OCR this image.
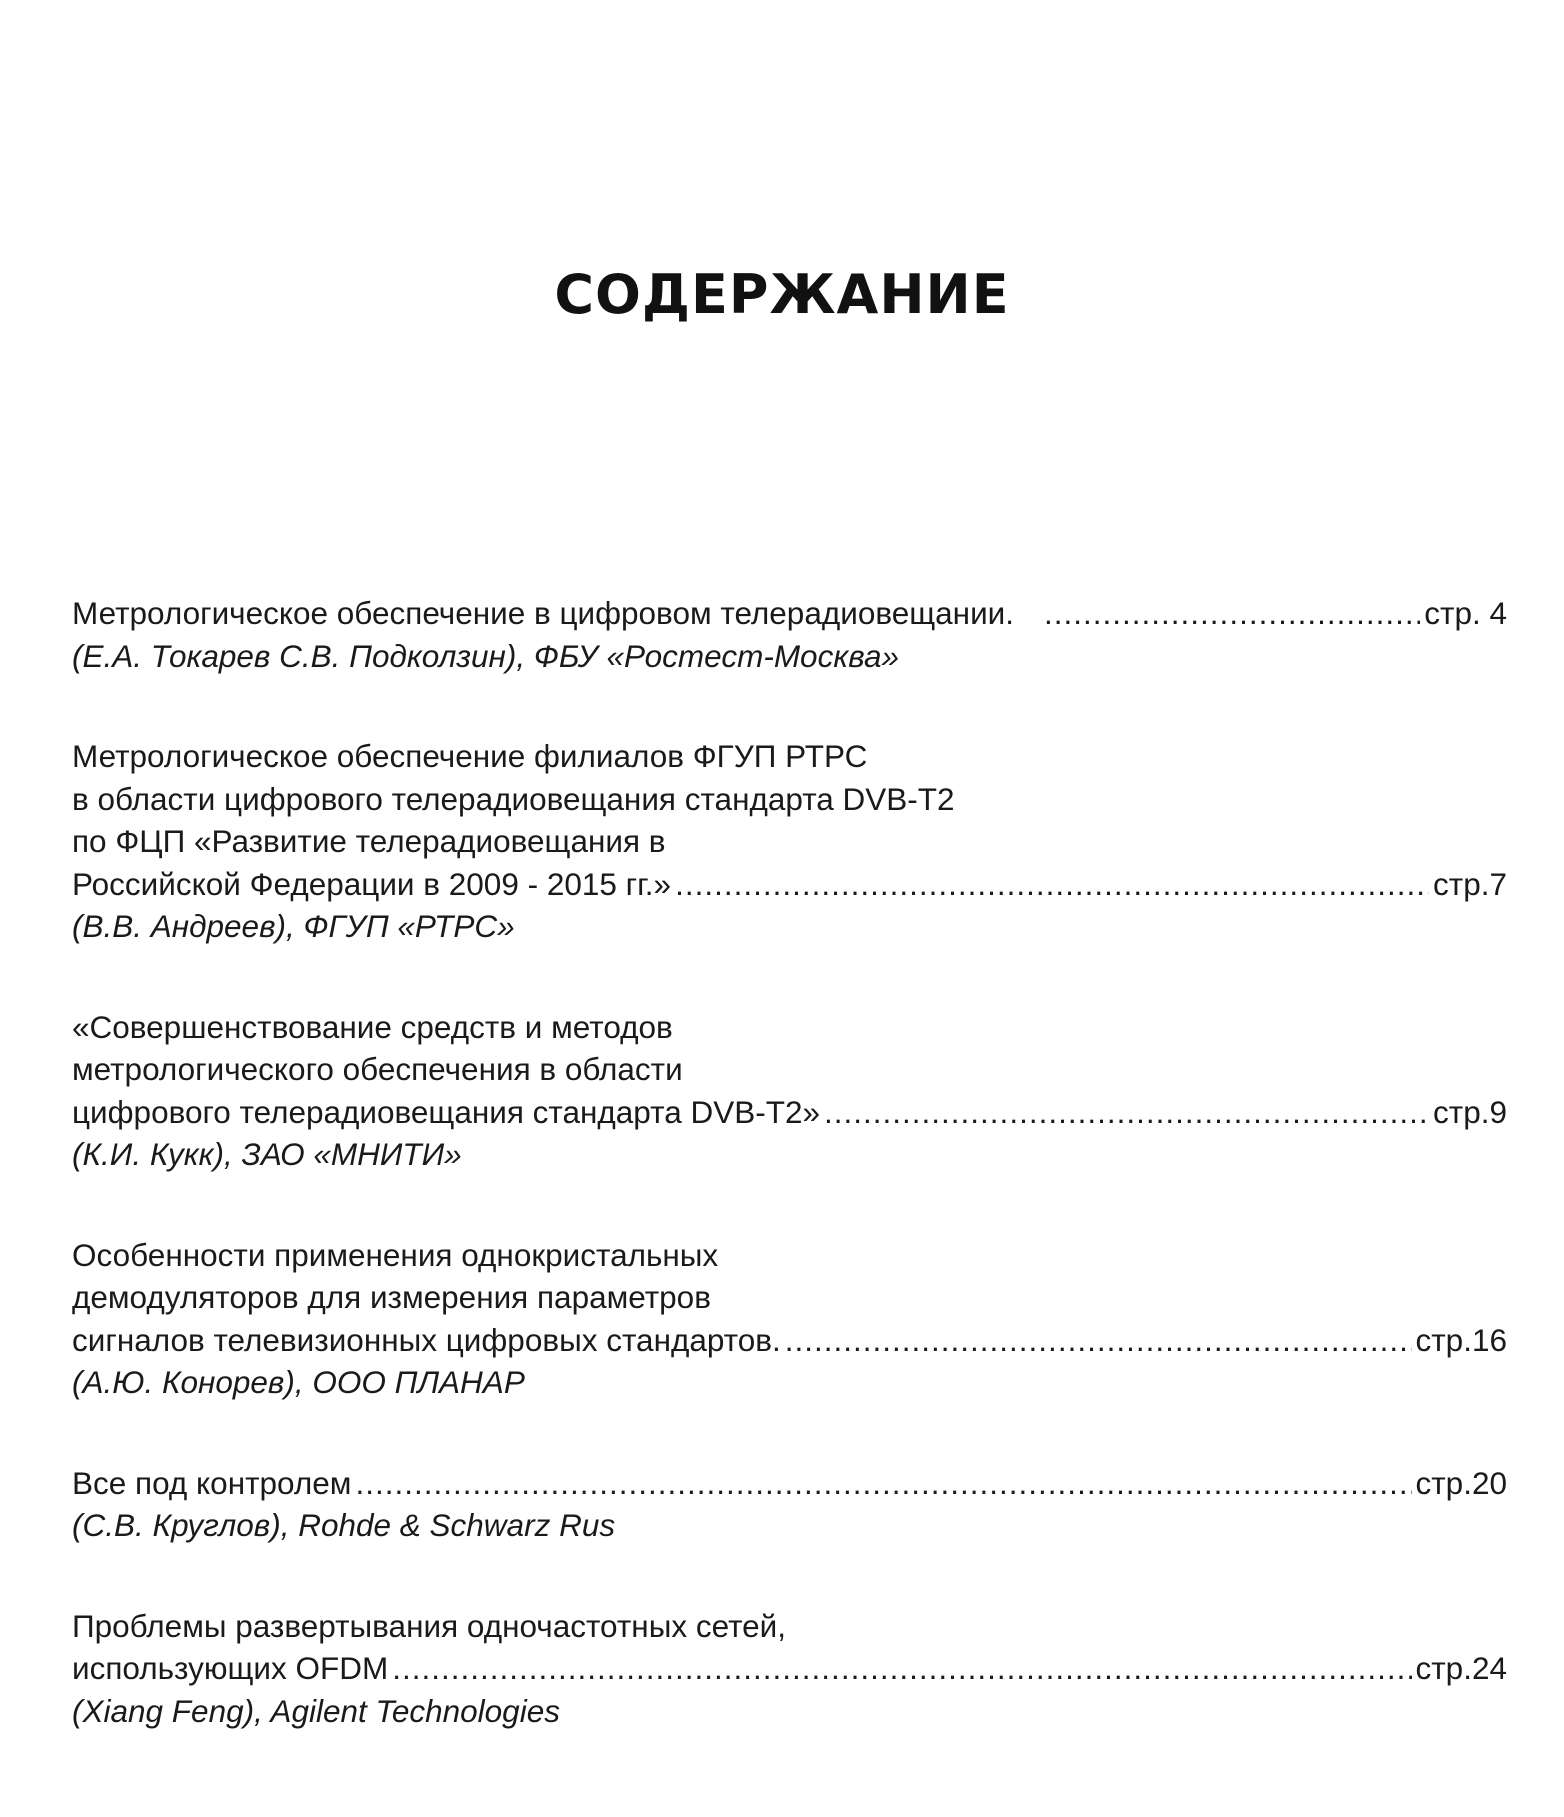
СОДЕРЖАНИЕ
Метрологическое обеспечение в цифровом телерадиовещании. .....	стр. 4
(Е.А. Токарев С.В. Подколзин), ФБУ «Ростест-Москва»
Метрологическое обеспечение филиалов ФГУП РТРС
в области цифрового телерадиовещания стандарта DVB-T2
по ФЦП «Развитие телерадиовещания в
Российской Федерации в 2009 - 2015 гг.» .....	стр.7
(В.В. Андреев), ФГУП «РТРС»
«Совершенствование средств и методов
метрологического обеспечения в области
цифрового телерадиовещания стандарта DVB-T2» .....	стр.9
(К.И. Кукк), ЗАО «МНИТИ»
Особенности применения однокристальных
демодуляторов для измерения параметров
сигналов телевизионных цифровых стандартов. .....	стр.16
(А.Ю. Конорев), ООО ПЛАНАР
Все под контролем .....	стр.20
(С.В. Круглов), Rohde & Schwarz Rus
Проблемы развертывания одночастотных сетей,
использующих OFDM .....	стр.24
(Xiang Feng), Agilent Technologies
